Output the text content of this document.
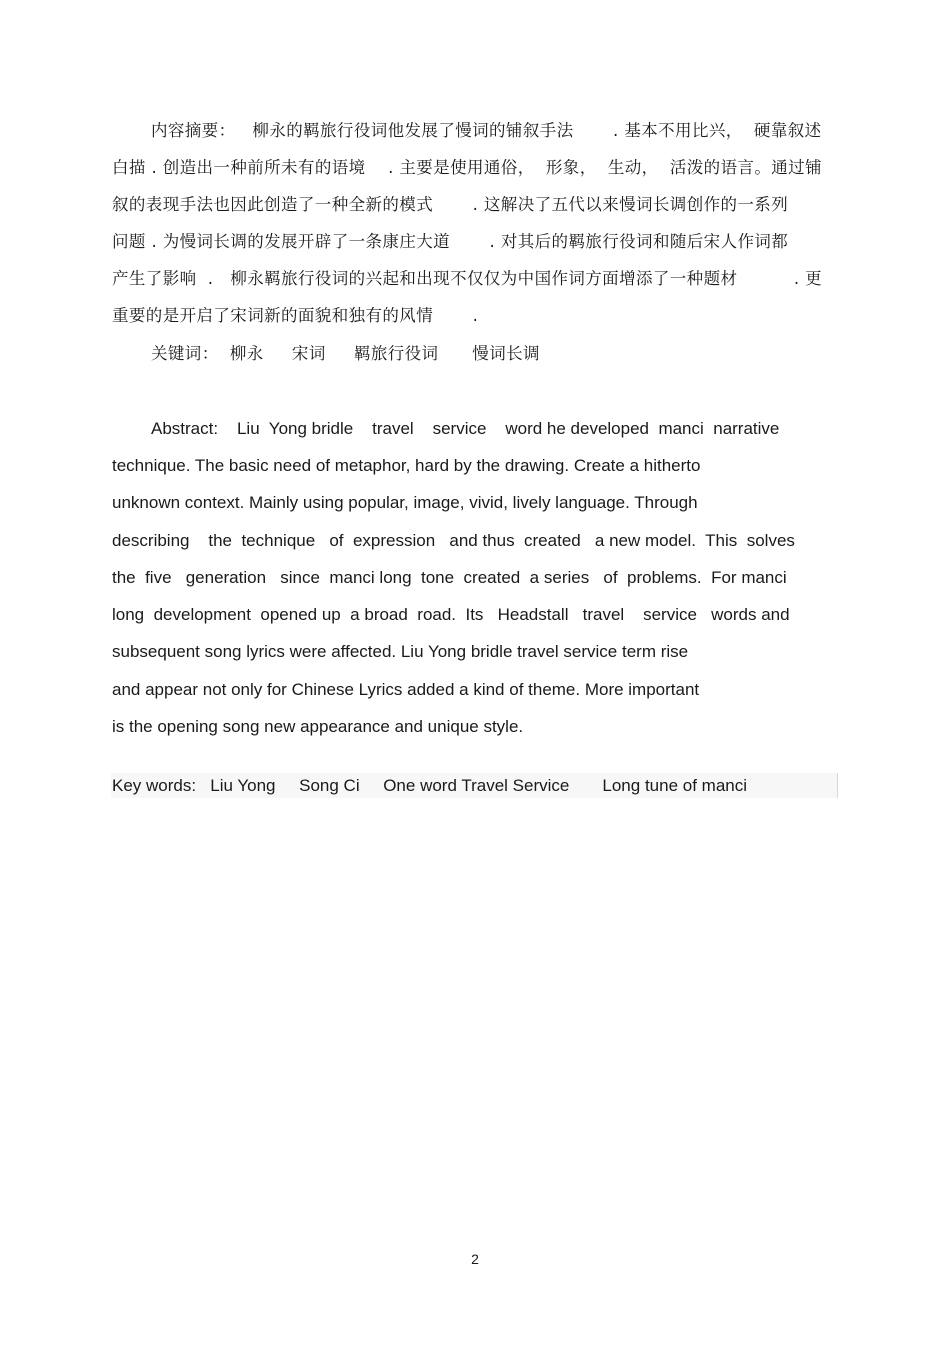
内容摘要：   柳永的羁旅行役词他发展了慢词的铺叙手法       . 基本不用比兴，  硬靠叙述
白描 . 创造出一种前所未有的语境    . 主要是使用通俗，  形象，  生动，  活泼的语言。通过铺
叙的表现手法也因此创造了一种全新的模式       . 这解决了五代以来慢词长调创作的一系列
问题 . 为慢词长调的发展开辟了一条康庄大道       . 对其后的羁旅行役词和随后宋人作词都
产生了影响  .   柳永羁旅行役词的兴起和出现不仅仅为中国作词方面增添了一种题材          . 更
重要的是开启了宋词新的面貌和独有的风情       .
关键词：  柳永     宋词     羁旅行役词      慢词长调
Abstract:    Liu  Yong bridle    travel    service    word he developed  manci  narrative
technique. The basic need of metaphor, hard by the drawing. Create a hitherto
unknown context. Mainly using popular, image, vivid, lively language. Through
describing    the  technique   of  expression   and thus  created   a new model.  This  solves
the  five   generation   since  manci long  tone  created  a series   of  problems.  For manci
long  development  opened up  a broad  road.  Its   Headstall   travel    service   words and
subsequent song lyrics were affected. Liu Yong bridle travel service term rise
and appear not only for Chinese Lyrics added a kind of theme. More important
is the opening song new appearance and unique style.
Key words:   Liu Yong     Song Ci     One word Travel Service       Long tune of manci
2
